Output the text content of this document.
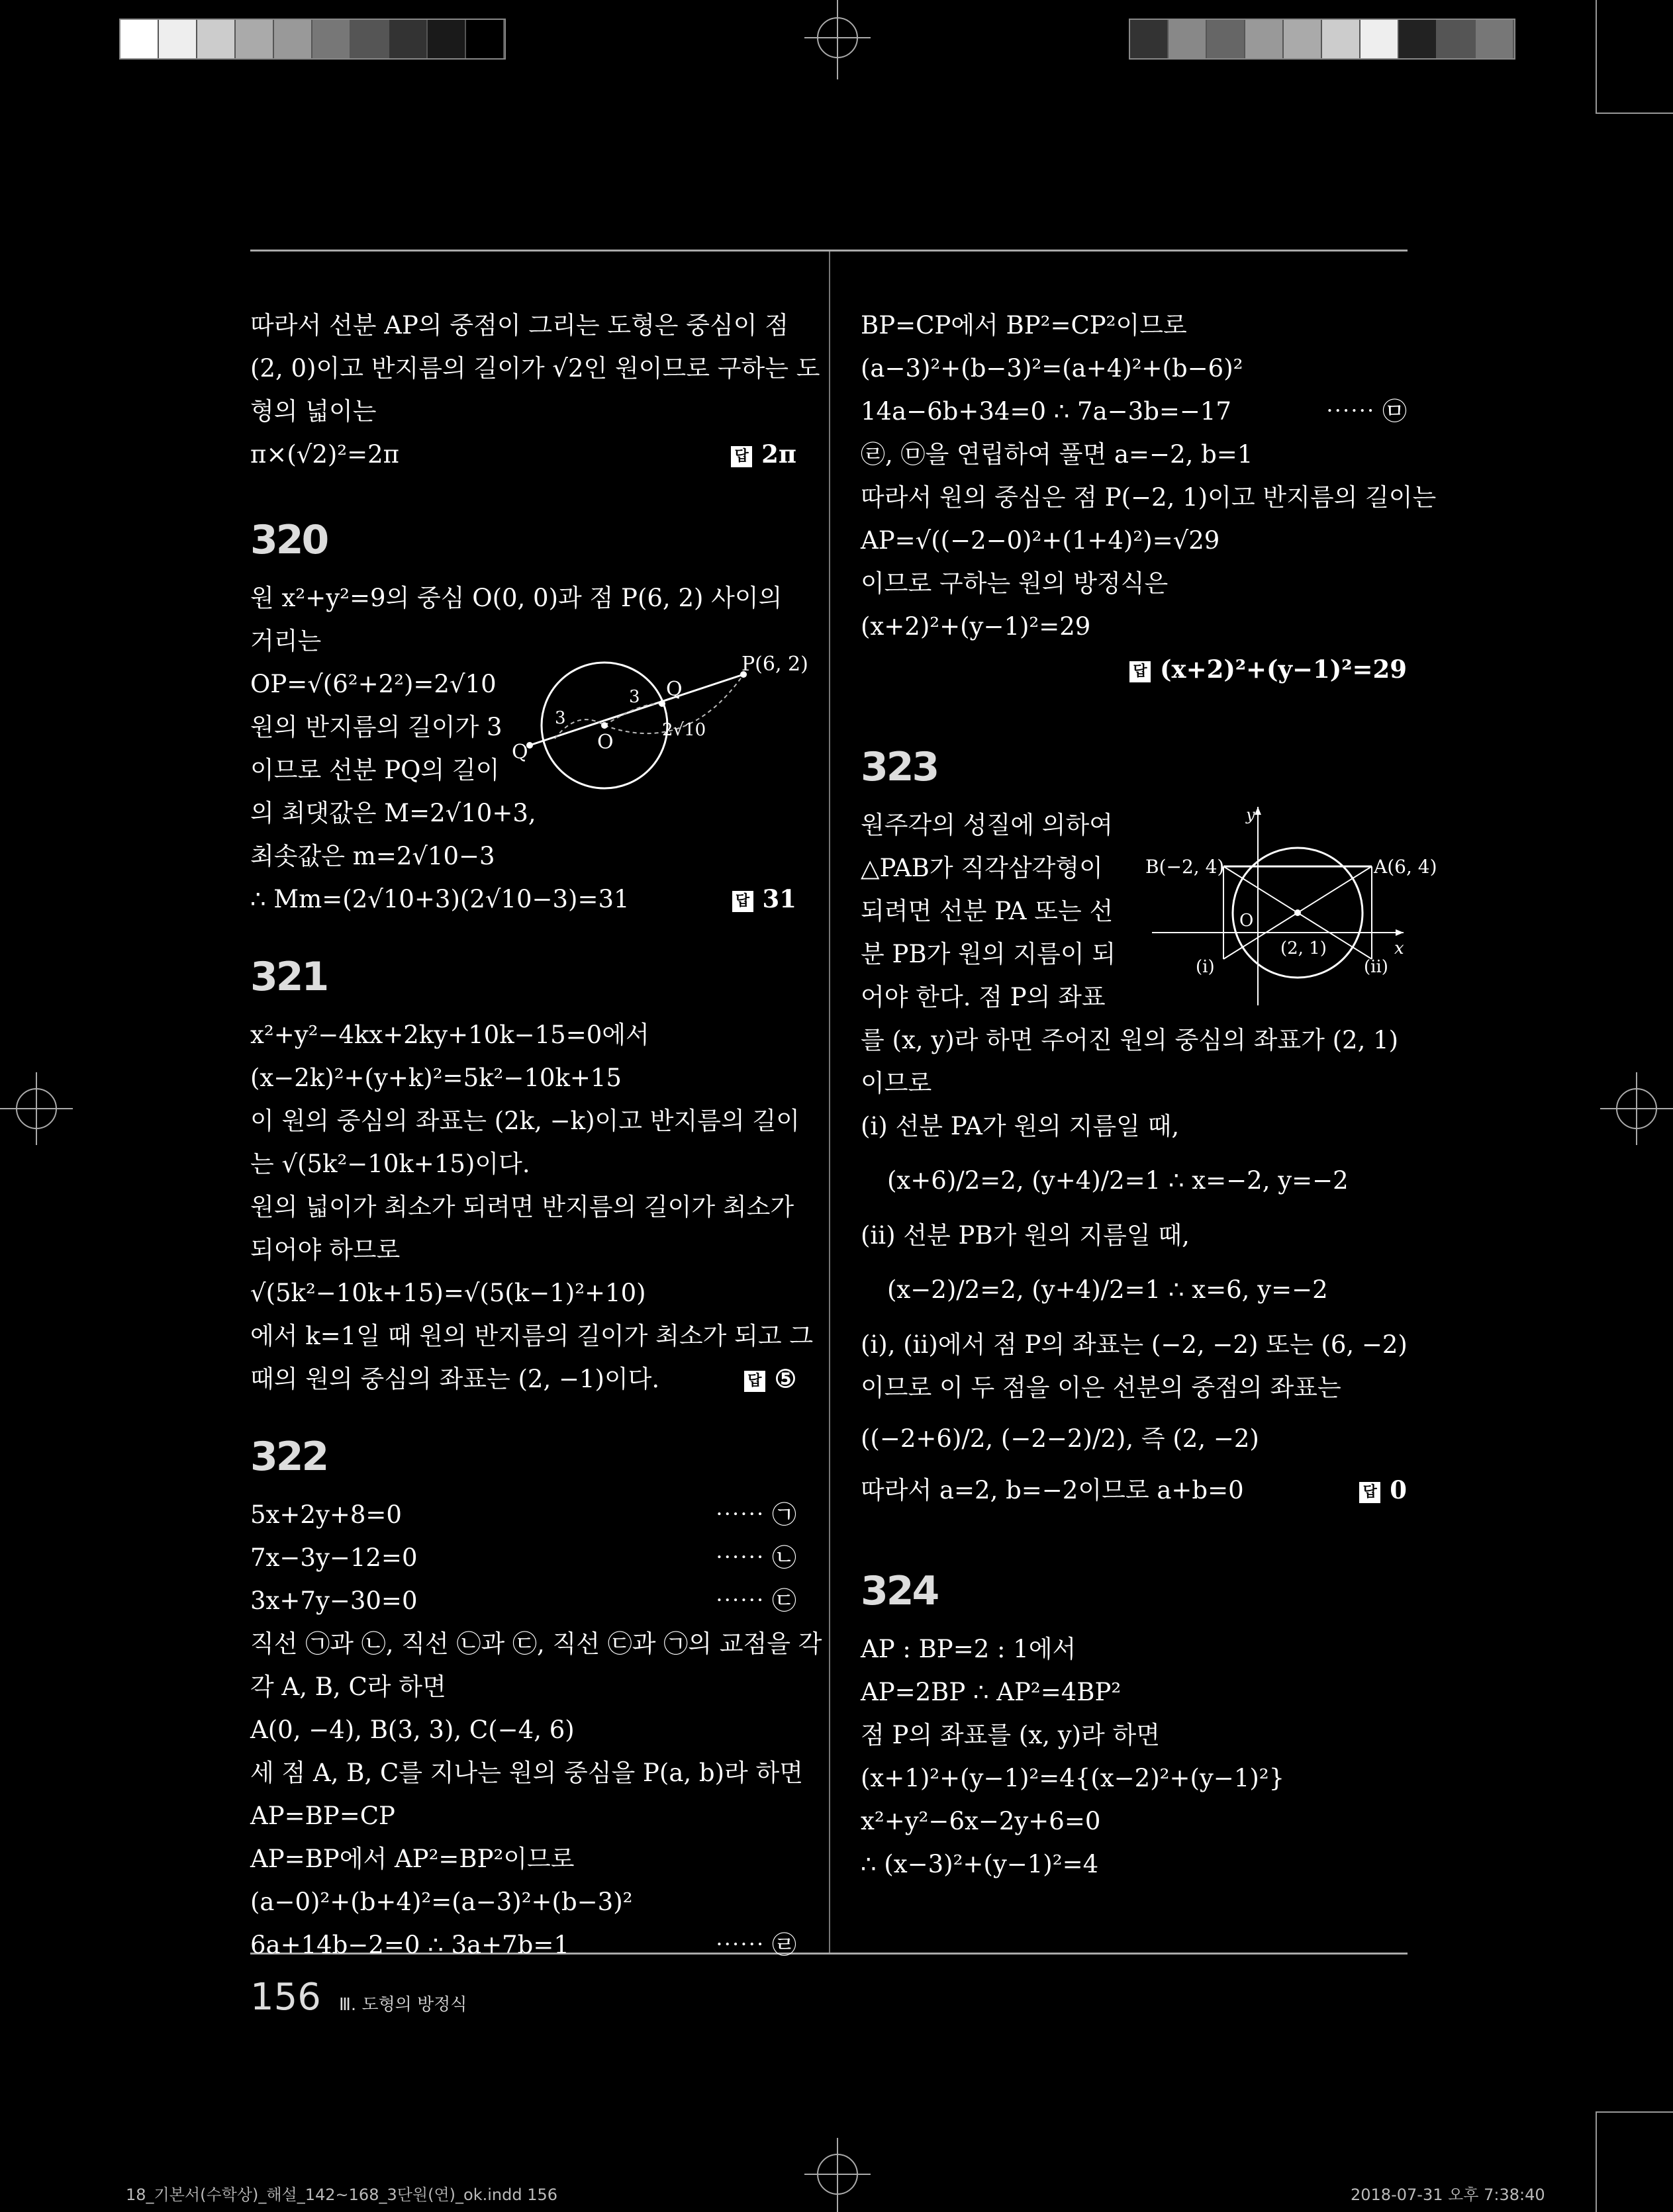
따라서 선분 AP의 중점이 그리는 도형은 중심이 점
(2, 0)이고 반지름의 길이가 √2인 원이므로 구하는 도
형의 넓이는
π×(√2)²=2π	답 2π
320
원 x²+y²=9의 중심 O(0, 0)과 점 P(6, 2) 사이의
거리는
OP=√(6²+2²)=2√10
원의 반지름의 길이가 3
이므로 선분 PQ의 길이
의 최댓값은 M=2√10+3,
최솟값은 m=2√10−3
P(6, 2)
Q
Q	O
3
3
2√10
∴ Mm=(2√10+3)(2√10−3)=31	답 31
321
x²+y²−4kx+2ky+10k−15=0에서
(x−2k)²+(y+k)²=5k²−10k+15
이 원의 중심의 좌표는 (2k, −k)이고 반지름의 길이
는 √(5k²−10k+15)이다.
원의 넓이가 최소가 되려면 반지름의 길이가 최소가
되어야 하므로
√(5k²−10k+15)=√(5(k−1)²+10)
에서 k=1일 때 원의 반지름의 길이가 최소가 되고 그
때의 원의 중심의 좌표는 (2, −1)이다.	답 ⑤
322
5x+2y+8=0	⋯⋯ ㉠
7x−3y−12=0	⋯⋯ ㉡
3x+7y−30=0	⋯⋯ ㉢
직선 ㉠과 ㉡, 직선 ㉡과 ㉢, 직선 ㉢과 ㉠의 교점을 각
각 A, B, C라 하면
A(0, −4), B(3, 3), C(−4, 6)
세 점 A, B, C를 지나는 원의 중심을 P(a, b)라 하면
AP=BP=CP
AP=BP에서 AP²=BP²이므로
(a−0)²+(b+4)²=(a−3)²+(b−3)²
6a+14b−2=0 ∴ 3a+7b=1	⋯⋯ ㉣
BP=CP에서 BP²=CP²이므로
(a−3)²+(b−3)²=(a+4)²+(b−6)²
14a−6b+34=0 ∴ 7a−3b=−17	⋯⋯ ㉤
㉣, ㉤을 연립하여 풀면 a=−2, b=1
따라서 원의 중심은 점 P(−2, 1)이고 반지름의 길이는
AP=√((−2−0)²+(1+4)²)=√29
이므로 구하는 원의 방정식은
(x+2)²+(y−1)²=29
답 (x+2)²+(y−1)²=29
323
원주각의 성질에 의하여
△PAB가 직각삼각형이
되려면 선분 PA 또는 선
분 PB가 원의 지름이 되
어야 한다. 점 P의 좌표
y
x
B(−2, 4)	A(6, 4)
O
(2, 1)
(ⅰ)	(ⅱ)
를 (x, y)라 하면 주어진 원의 중심의 좌표가 (2, 1)
이므로
(ⅰ) 선분 PA가 원의 지름일 때,
(x+6)/2=2, (y+4)/2=1 ∴ x=−2, y=−2
(ⅱ) 선분 PB가 원의 지름일 때,
(x−2)/2=2, (y+4)/2=1 ∴ x=6, y=−2
(ⅰ), (ⅱ)에서 점 P의 좌표는 (−2, −2) 또는 (6, −2)
이므로 이 두 점을 이은 선분의 중점의 좌표는
((−2+6)/2, (−2−2)/2), 즉 (2, −2)
따라서 a=2, b=−2이므로 a+b=0	답 0
324
AP : BP=2 : 1에서
AP=2BP ∴ AP²=4BP²
점 P의 좌표를 (x, y)라 하면
(x+1)²+(y−1)²=4{(x−2)²+(y−1)²}
x²+y²−6x−2y+6=0
∴ (x−3)²+(y−1)²=4
156 Ⅲ. 도형의 방정식
18_기본서(수학상)_해설_142~168_3단원(연)_ok.indd 156	2018-07-31 오후 7:38:40
